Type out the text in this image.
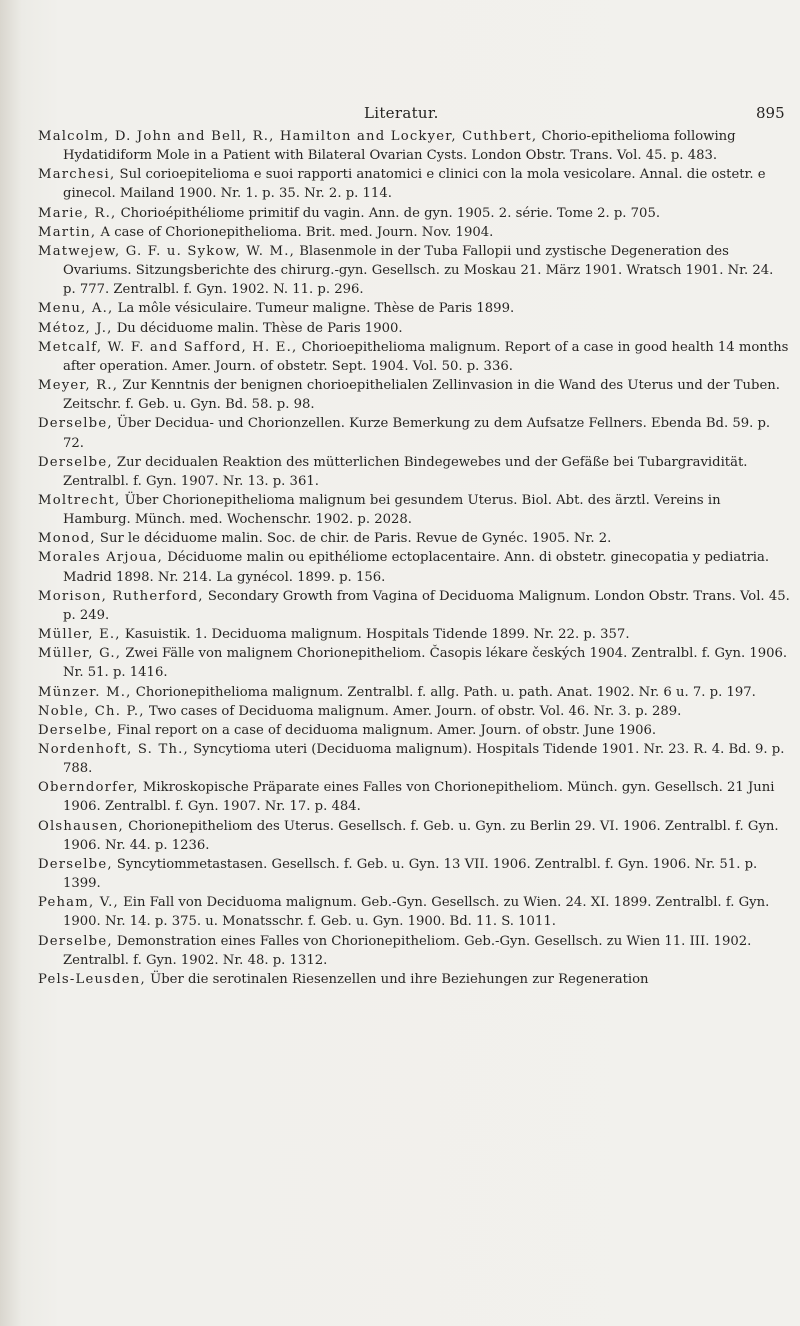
Literatur.	895
Malcolm, D. John and Bell, R., Hamilton and Lockyer, Cuthbert, Chorio-epithelioma following Hydatidiform Mole in a Patient with Bilateral Ovarian Cysts. London Obstr. Trans. Vol. 45. p. 483.
Marchesi, Sul corioepitelioma e suoi rapporti anatomici e clinici con la mola vesicolare. Annal. die ostetr. e ginecol. Mailand 1900. Nr. 1. p. 35. Nr. 2. p. 114.
Marie, R., Chorioépithéliome primitif du vagin. Ann. de gyn. 1905. 2. série. Tome 2. p. 705.
Martin, A case of Chorionepithelioma. Brit. med. Journ. Nov. 1904.
Matwejew, G. F. u. Sykow, W. M., Blasenmole in der Tuba Fallopii und zystische Degeneration des Ovariums. Sitzungsberichte des chirurg.-gyn. Gesellsch. zu Moskau 21. März 1901. Wratsch 1901. Nr. 24. p. 777. Zentralbl. f. Gyn. 1902. N. 11. p. 296.
Menu, A., La môle vésiculaire. Tumeur maligne. Thèse de Paris 1899.
Métoz, J., Du déciduome malin. Thèse de Paris 1900.
Metcalf, W. F. and Safford, H. E., Chorioepithelioma malignum. Report of a case in good health 14 months after operation. Amer. Journ. of obstetr. Sept. 1904. Vol. 50. p. 336.
Meyer, R., Zur Kenntnis der benignen chorioepithelialen Zellinvasion in die Wand des Uterus und der Tuben. Zeitschr. f. Geb. u. Gyn. Bd. 58. p. 98.
Derselbe, Über Decidua- und Chorionzellen. Kurze Bemerkung zu dem Aufsatze Fellners. Ebenda Bd. 59. p. 72.
Derselbe, Zur decidualen Reaktion des mütterlichen Bindegewebes und der Gefäße bei Tubargravidität. Zentralbl. f. Gyn. 1907. Nr. 13. p. 361.
Moltrecht, Über Chorionepithelioma malignum bei gesundem Uterus. Biol. Abt. des ärztl. Vereins in Hamburg. Münch. med. Wochenschr. 1902. p. 2028.
Monod, Sur le déciduome malin. Soc. de chir. de Paris. Revue de Gynéc. 1905. Nr. 2.
Morales Arjoua, Déciduome malin ou epithéliome ectoplacentaire. Ann. di obstetr. ginecopatia y pediatria. Madrid 1898. Nr. 214. La gynécol. 1899. p. 156.
Morison, Rutherford, Secondary Growth from Vagina of Deciduoma Malignum. London Obstr. Trans. Vol. 45. p. 249.
Müller, E., Kasuistik. 1. Deciduoma malignum. Hospitals Tidende 1899. Nr. 22. p. 357.
Müller, G., Zwei Fälle von malignem Chorionepitheliom. Časopis lékare českých 1904. Zentralbl. f. Gyn. 1906. Nr. 51. p. 1416.
Münzer. M., Chorionepithelioma malignum. Zentralbl. f. allg. Path. u. path. Anat. 1902. Nr. 6 u. 7. p. 197.
Noble, Ch. P., Two cases of Deciduoma malignum. Amer. Journ. of obstr. Vol. 46. Nr. 3. p. 289.
Derselbe, Final report on a case of deciduoma malignum. Amer. Journ. of obstr. June 1906.
Nordenhoft, S. Th., Syncytioma uteri (Deciduoma malignum). Hospitals Tidende 1901. Nr. 23. R. 4. Bd. 9. p. 788.
Oberndorfer, Mikroskopische Präparate eines Falles von Chorionepitheliom. Münch. gyn. Gesellsch. 21 Juni 1906. Zentralbl. f. Gyn. 1907. Nr. 17. p. 484.
Olshausen, Chorionepitheliom des Uterus. Gesellsch. f. Geb. u. Gyn. zu Berlin 29. VI. 1906. Zentralbl. f. Gyn. 1906. Nr. 44. p. 1236.
Derselbe, Syncytiommetastasen. Gesellsch. f. Geb. u. Gyn. 13 VII. 1906. Zentralbl. f. Gyn. 1906. Nr. 51. p. 1399.
Peham, V., Ein Fall von Deciduoma malignum. Geb.-Gyn. Gesellsch. zu Wien. 24. XI. 1899. Zentralbl. f. Gyn. 1900. Nr. 14. p. 375. u. Monatsschr. f. Geb. u. Gyn. 1900. Bd. 11. S. 1011.
Derselbe, Demonstration eines Falles von Chorionepitheliom. Geb.-Gyn. Gesellsch. zu Wien 11. III. 1902. Zentralbl. f. Gyn. 1902. Nr. 48. p. 1312.
Pels-Leusden, Über die serotinalen Riesenzellen und ihre Beziehungen zur Regeneration
